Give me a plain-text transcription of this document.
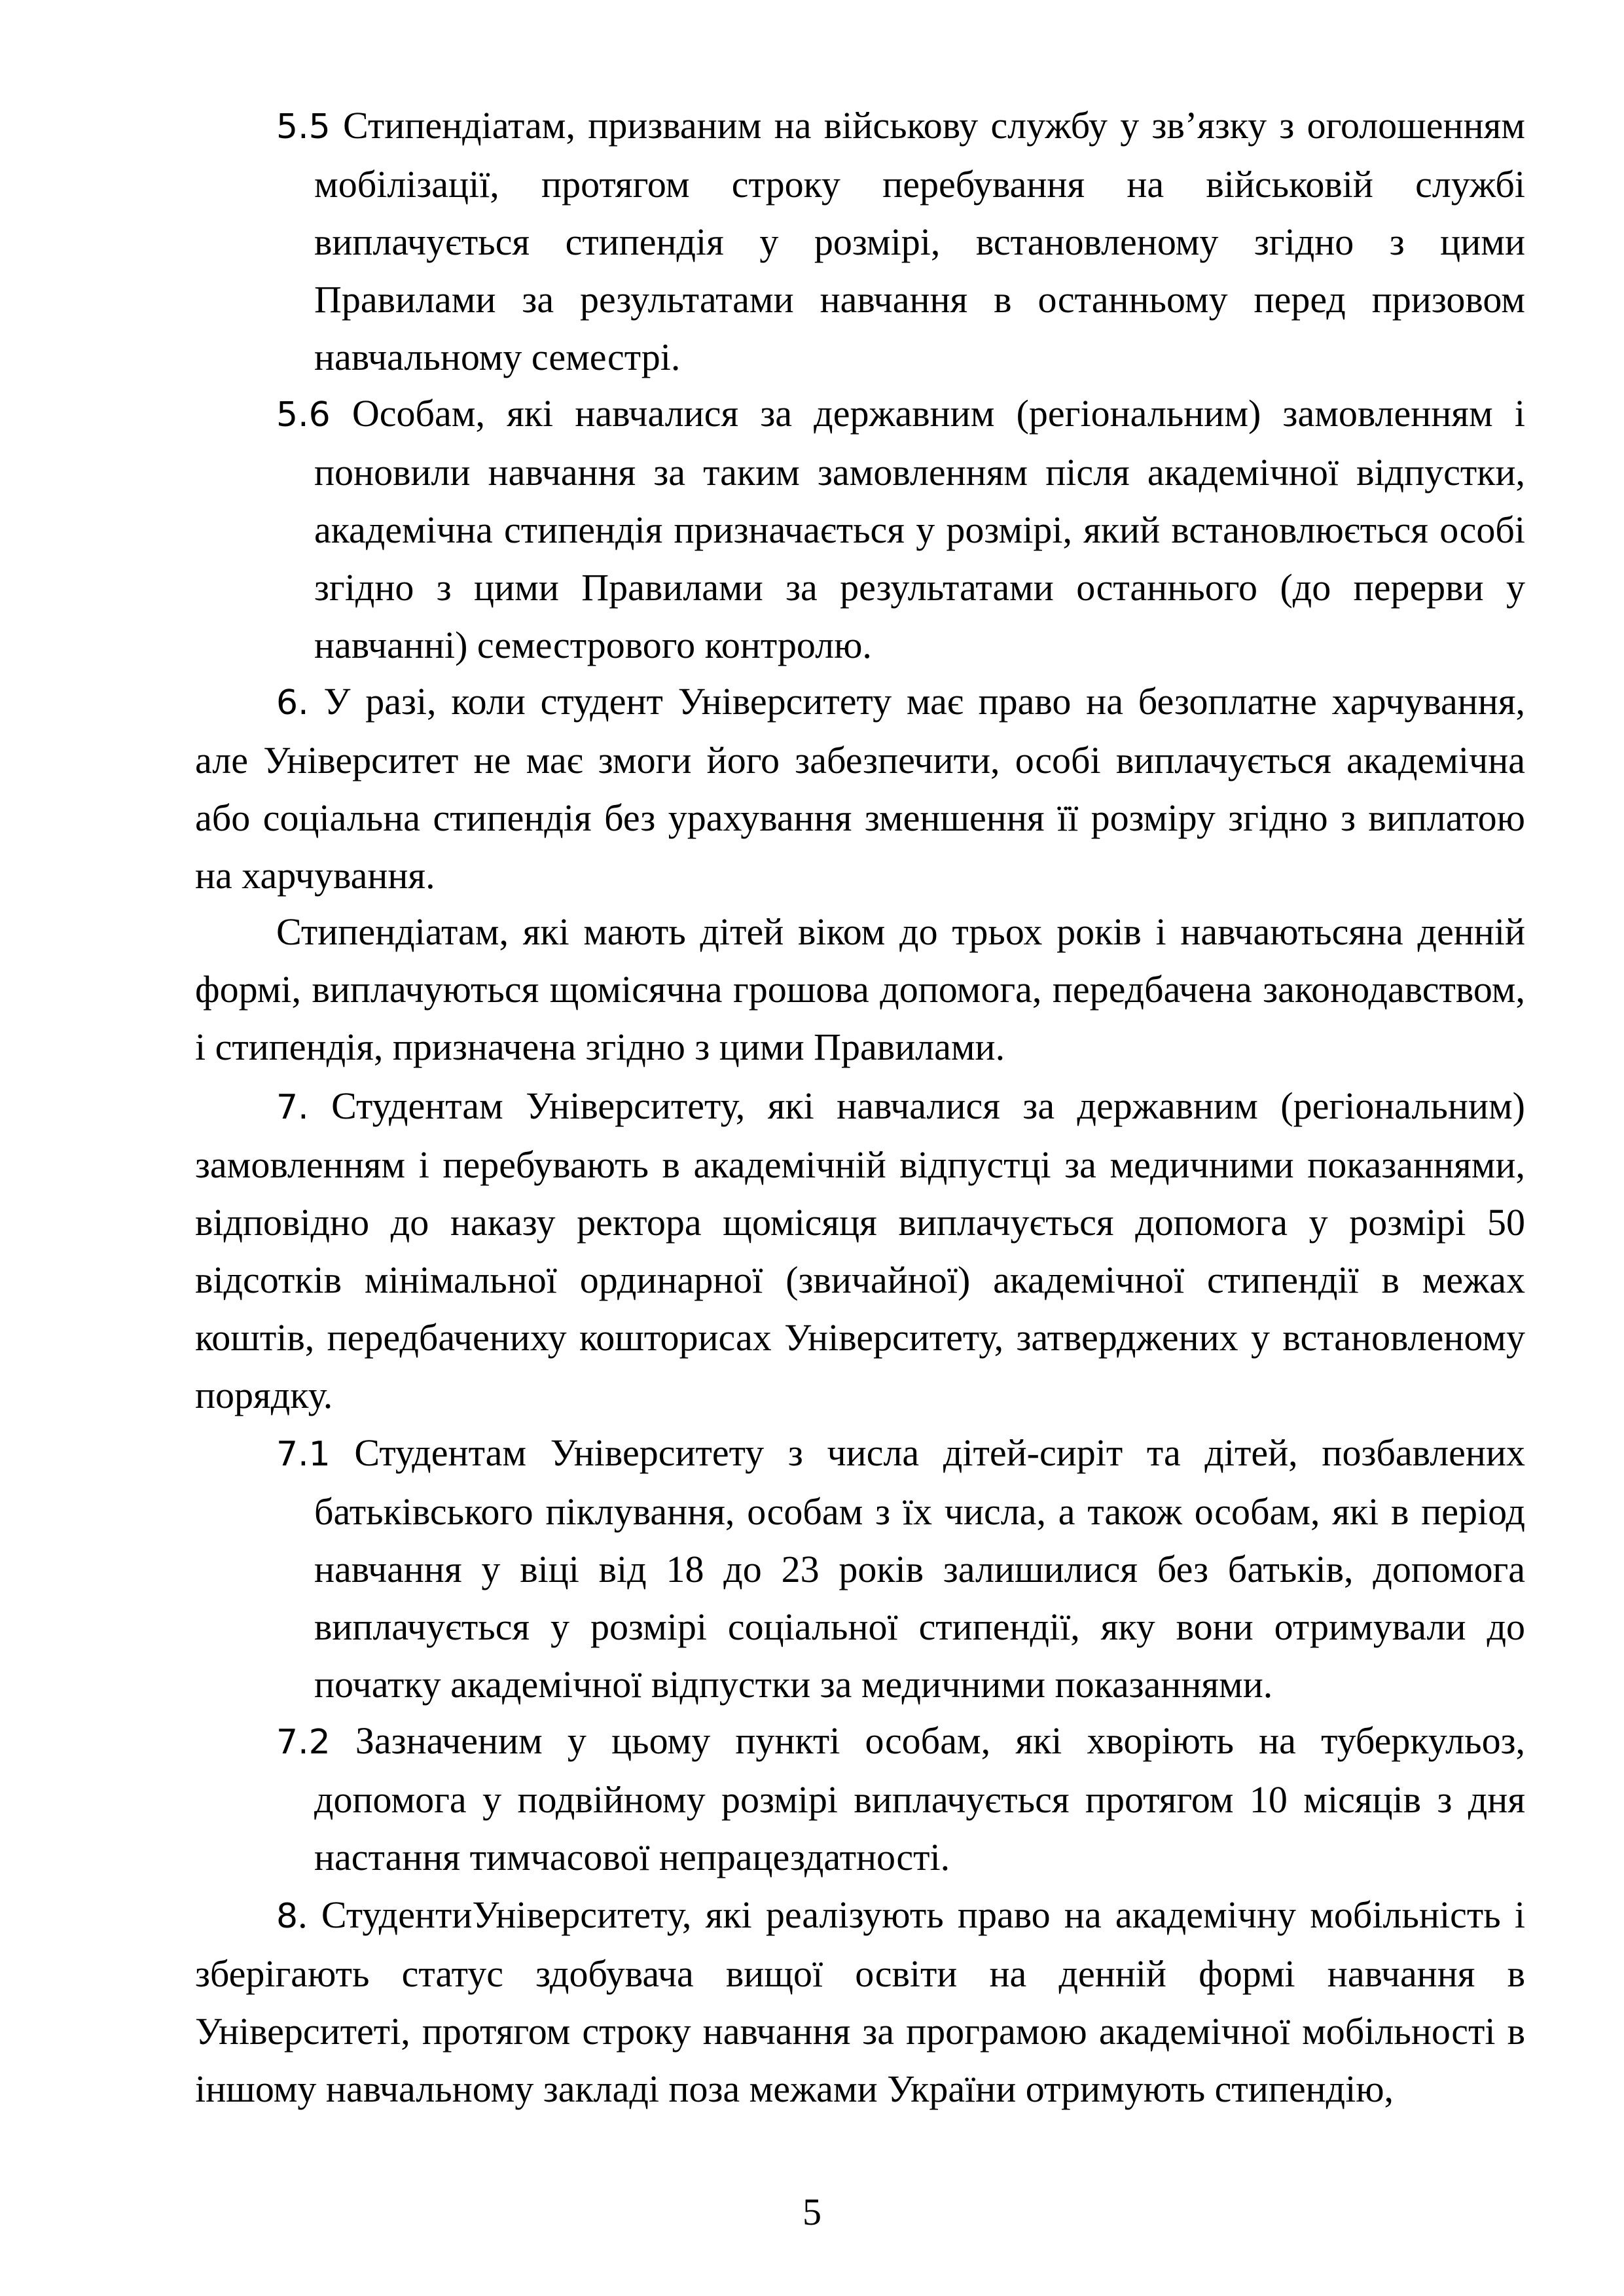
5.5 Стипендіатам, призваним на військову службу у зв’язку з оголошенням мобілізації, протягом строку перебування на військовій службі виплачується стипендія у розмірі, встановленому згідно з цими Правилами за результатами навчання в останньому перед призовом навчальному семестрі.

5.6 Особам, які навчалися за державним (регіональним) замовленням і поновили навчання за таким замовленням після академічної відпустки, академічна стипендія призначається у розмірі, який встановлюється особі згідно з цими Правилами за результатами останнього (до перерви у навчанні) семестрового контролю.

6. У разі, коли студент Університету має право на безоплатне харчування, але Університет не має змоги його забезпечити, особі виплачується академічна або соціальна стипендія без урахування зменшення її розміру згідно з виплатою на харчування.

Стипендіатам, які мають дітей віком до трьох років і навчаютьсяна денній формі, виплачуються щомісячна грошова допомога, передбачена законодавством, і стипендія, призначена згідно з цими Правилами.

7. Студентам Університету, які навчалися за державним (регіональним) замовленням і перебувають в академічній відпустці за медичними показаннями, відповідно до наказу ректора щомісяця виплачується допомога у розмірі 50 відсотків мінімальної ординарної (звичайної) академічної стипендії в межах коштів, передбачениху кошторисах Університету, затверджених у встановленому порядку.

7.1 Студентам Університету з числа дітей-сиріт та дітей, позбавлених батьківського піклування, особам з їх числа, а також особам, які в період навчання у віці від 18 до 23 років залишилися без батьків, допомога виплачується у розмірі соціальної стипендії, яку вони отримували до початку академічної відпустки за медичними показаннями.

7.2 Зазначеним у цьому пункті особам, які хворіють на туберкульоз, допомога у подвійному розмірі виплачується протягом 10 місяців з дня настання тимчасової непрацездатності.

8. СтудентиУніверситету, які реалізують право на академічну мобільність і зберігають статус здобувача вищої освіти на денній формі навчання в Університеті, протягом строку навчання за програмою академічної мобільності в іншому навчальному закладі поза межами України отримують стипендію,

5
